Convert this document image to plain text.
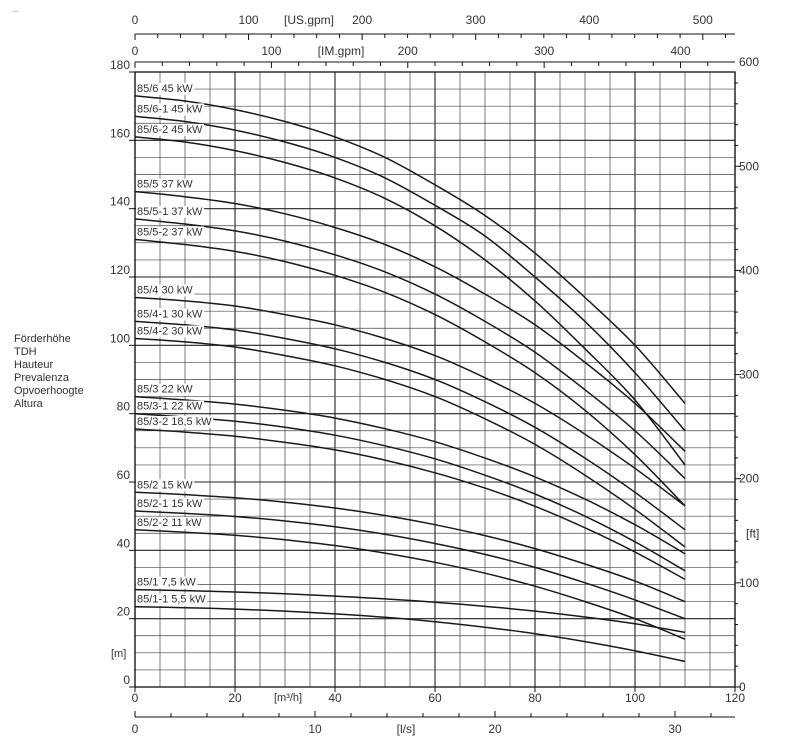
◦◦◦◦
Förderhöhe
TDH
Hauteur
Prevalenza
Opvoerhoogte
Altura
0
20
40
60
80
100
120
140
160
180
[m]
0	20	40	60	80	100	120
[m³/h]
0	100	200	300	400	500
[US.gpm]
0	100	200	300	400
[IM.gpm]
0	10	20	30
[l/s]
0
100
200
300
400
500
600
[ft]
85/6 45 kW
85/6-1 45 kW
85/6-2 45 kW
85/5 37 kW
85/5-1 37 kW
85/5-2 37 kW
85/4 30 kW
85/4-1 30 kW
85/4-2 30 kW
85/3 22 kW
85/3-1 22 kW
85/3-2 18,5 kW
85/2 15 kW
85/2-1 15 kW
85/2-2 11 kW
85/1 7,5 kW
85/1-1 5,5 kW
